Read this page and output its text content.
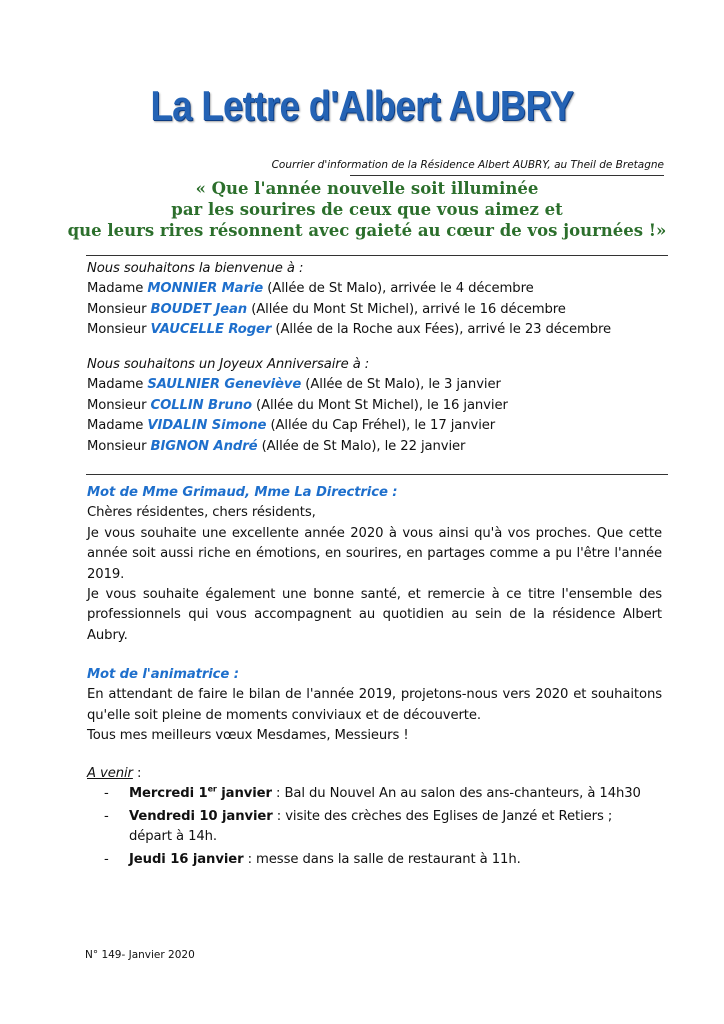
La Lettre d'Albert AUBRY
Courrier d'information de la Résidence Albert AUBRY, au Theil de Bretagne
« Que l'année nouvelle soit illuminée
par les sourires de ceux que vous aimez et
que leurs rires résonnent avec gaieté au cœur de vos journées !»
Nous souhaitons la bienvenue à :
Madame MONNIER Marie (Allée de St Malo), arrivée le 4 décembre
Monsieur BOUDET Jean (Allée du Mont St Michel), arrivé le 16 décembre
Monsieur VAUCELLE Roger (Allée de la Roche aux Fées), arrivé le 23 décembre
Nous souhaitons un Joyeux Anniversaire à :
Madame SAULNIER Geneviève (Allée de St Malo), le 3 janvier
Monsieur COLLIN Bruno (Allée du Mont St Michel), le 16 janvier
Madame VIDALIN Simone (Allée du Cap Fréhel), le 17 janvier
Monsieur BIGNON André (Allée de St Malo), le 22 janvier
Mot de Mme Grimaud, Mme La Directrice :
Chères résidentes, chers résidents,
Je vous souhaite une excellente année 2020 à vous ainsi qu'à vos proches. Que cette année soit aussi riche en émotions, en sourires, en partages comme a pu l'être l'année 2019.
Je vous souhaite également une bonne santé, et remercie à ce titre l'ensemble des professionnels qui vous accompagnent au quotidien au sein de la résidence Albert Aubry.
Mot de l'animatrice :
En attendant de faire le bilan de l'année 2019, projetons-nous vers 2020 et souhaitons qu'elle soit pleine de moments conviviaux et de découverte.
Tous mes meilleurs vœux Mesdames, Messieurs !
A venir :
- Mercredi 1er janvier : Bal du Nouvel An au salon des ans-chanteurs, à 14h30
- Vendredi 10 janvier : visite des crèches des Eglises de Janzé et Retiers ; départ à 14h.
- Jeudi 16 janvier : messe dans la salle de restaurant à 11h.
N° 149- Janvier 2020
